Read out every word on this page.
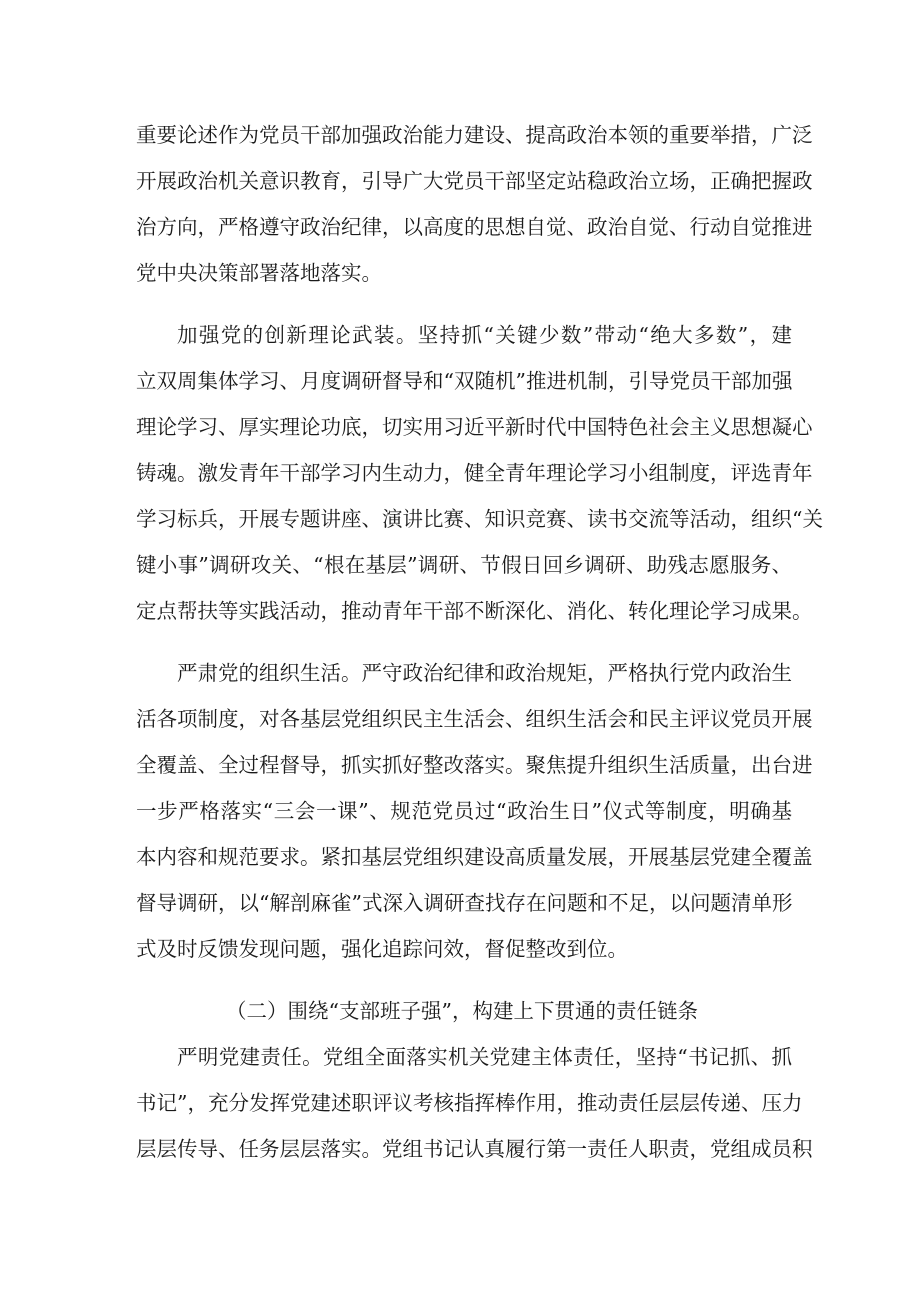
重要论述作为党员干部加强政治能力建设、提高政治本领的重要举措，广泛
开展政治机关意识教育，引导广大党员干部坚定站稳政治立场，正确把握政
治方向，严格遵守政治纪律，以高度的思想自觉、政治自觉、行动自觉推进
党中央决策部署落地落实。
加强党的创新理论武装。坚持抓“关键少数”带动“绝大多数”，建
立双周集体学习、月度调研督导和“双随机”推进机制，引导党员干部加强
理论学习、厚实理论功底，切实用习近平新时代中国特色社会主义思想凝心
铸魂。激发青年干部学习内生动力，健全青年理论学习小组制度，评选青年
学习标兵，开展专题讲座、演讲比赛、知识竞赛、读书交流等活动，组织“关
键小事”调研攻关、“根在基层”调研、节假日回乡调研、助残志愿服务、
定点帮扶等实践活动，推动青年干部不断深化、消化、转化理论学习成果。
严肃党的组织生活。严守政治纪律和政治规矩，严格执行党内政治生
活各项制度，对各基层党组织民主生活会、组织生活会和民主评议党员开展
全覆盖、全过程督导，抓实抓好整改落实。聚焦提升组织生活质量，出台进
一步严格落实“三会一课”、规范党员过“政治生日”仪式等制度，明确基
本内容和规范要求。紧扣基层党组织建设高质量发展，开展基层党建全覆盖
督导调研，以“解剖麻雀”式深入调研查找存在问题和不足，以问题清单形
式及时反馈发现问题，强化追踪问效，督促整改到位。
（二）围绕“支部班子强”，构建上下贯通的责任链条
严明党建责任。党组全面落实机关党建主体责任，坚持“书记抓、抓
书记”，充分发挥党建述职评议考核指挥棒作用，推动责任层层传递、压力
层层传导、任务层层落实。党组书记认真履行第一责任人职责，党组成员积
